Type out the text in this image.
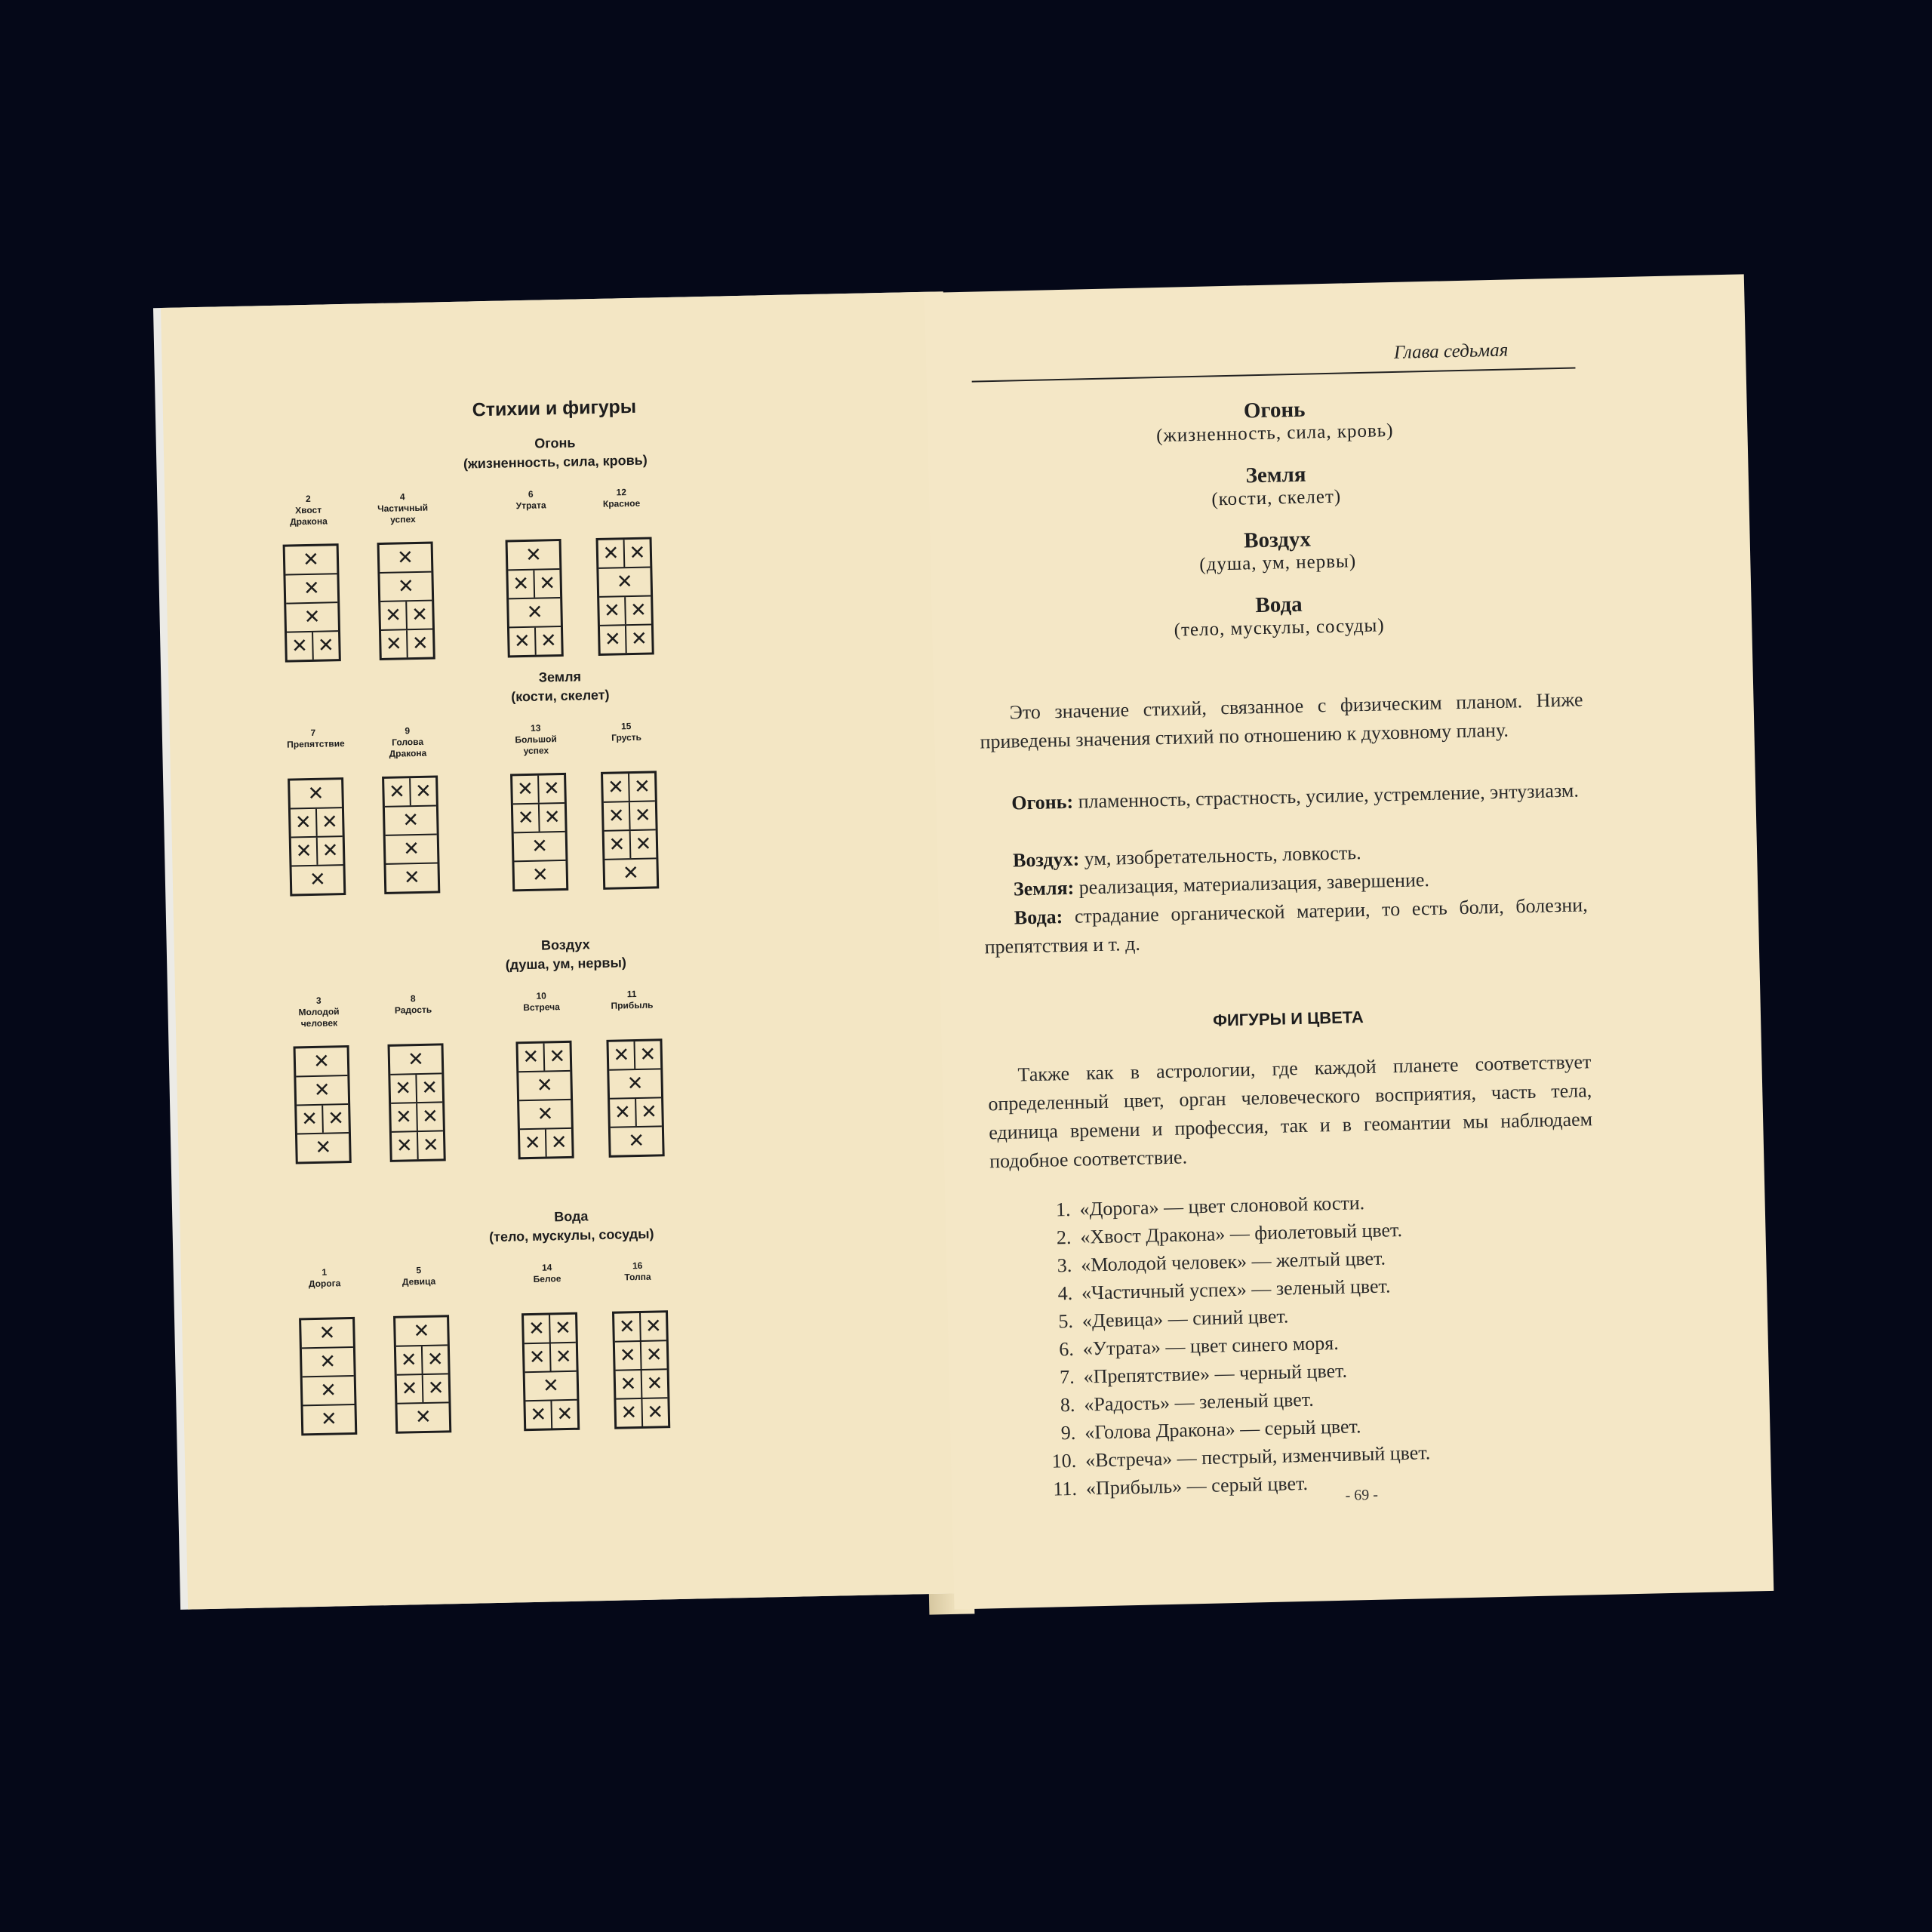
Стихии и фигуры
Огонь
(жизненность, сила, кровь)
2
Хвост Дракона
✕
✕
✕
✕ ✕
4
Частичный успех
✕
✕
✕ ✕
✕ ✕
6
Утрата
✕
✕ ✕
✕
✕ ✕
12
Красное
✕ ✕
✕
✕ ✕
✕ ✕
Земля
(кости, скелет)
7
Препятствие
✕
✕ ✕
✕ ✕
✕
9
Голова Дракона
✕ ✕
✕
✕
✕
13
Большой успех
✕ ✕
✕ ✕
✕
✕
15
Грусть
✕ ✕
✕ ✕
✕ ✕
✕
Воздух
(душа, ум, нервы)
3
Молодой человек
✕
✕
✕ ✕
✕
8
Радость
✕
✕ ✕
✕ ✕
✕ ✕
10
Встреча
✕ ✕
✕
✕
✕ ✕
11
Прибыль
✕ ✕
✕
✕ ✕
✕
Вода
(тело, мускулы, сосуды)
1
Дорога
✕
✕
✕
✕
5
Девица
✕
✕ ✕
✕ ✕
✕
14
Белое
✕ ✕
✕ ✕
✕
✕ ✕
16
Толпа
✕ ✕
✕ ✕
✕ ✕
✕ ✕
Глава седьмая
Огонь
(жизненность, сила, кровь)
Земля
(кости, скелет)
Воздух
(душа, ум, нервы)
Вода
(тело, мускулы, сосуды)
Это значение стихий, связанное с физическим планом. Ниже приведены значения стихий по отношению к духовному плану.
Огонь: пламенность, страстность, усилие, устремление, энтузиазм.
Воздух: ум, изобретательность, ловкость.
Земля: реализация, материализация, завершение.
Вода: страдание органической материи, то есть боли, болезни, препятствия и т. д.
ФИГУРЫ И ЦВЕТА
Также как в астрологии, где каждой планете соответствует определенный цвет, орган человеческого восприятия, часть тела, единица времени и профессия, так и в геомантии мы наблюдаем подобное соответствие.
1. «Дорога» — цвет слоновой кости.
2. «Хвост Дракона» — фиолетовый цвет.
3. «Молодой человек» — желтый цвет.
4. «Частичный успех» — зеленый цвет.
5. «Девица» — синий цвет.
6. «Утрата» — цвет синего моря.
7. «Препятствие» — черный цвет.
8. «Радость» — зеленый цвет.
9. «Голова Дракона» — серый цвет.
10. «Встреча» — пестрый, изменчивый цвет.
11. «Прибыль» — серый цвет.	- 69 -
